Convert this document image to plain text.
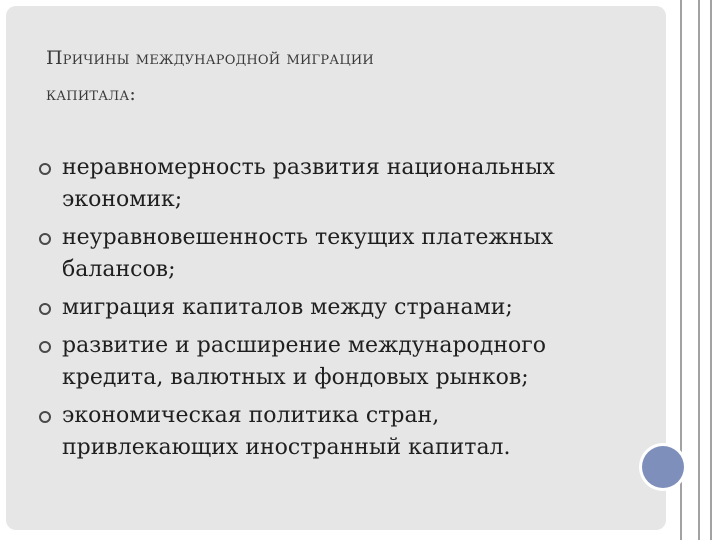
Причины международной миграции
капитала:
неравномерность развития национальных
экономик;
неуравновешенность текущих платежных
балансов;
миграция капиталов между странами;
развитие и расширение международного
кредита, валютных и фондовых рынков;
экономическая политика стран,
привлекающих иностранный капитал.
